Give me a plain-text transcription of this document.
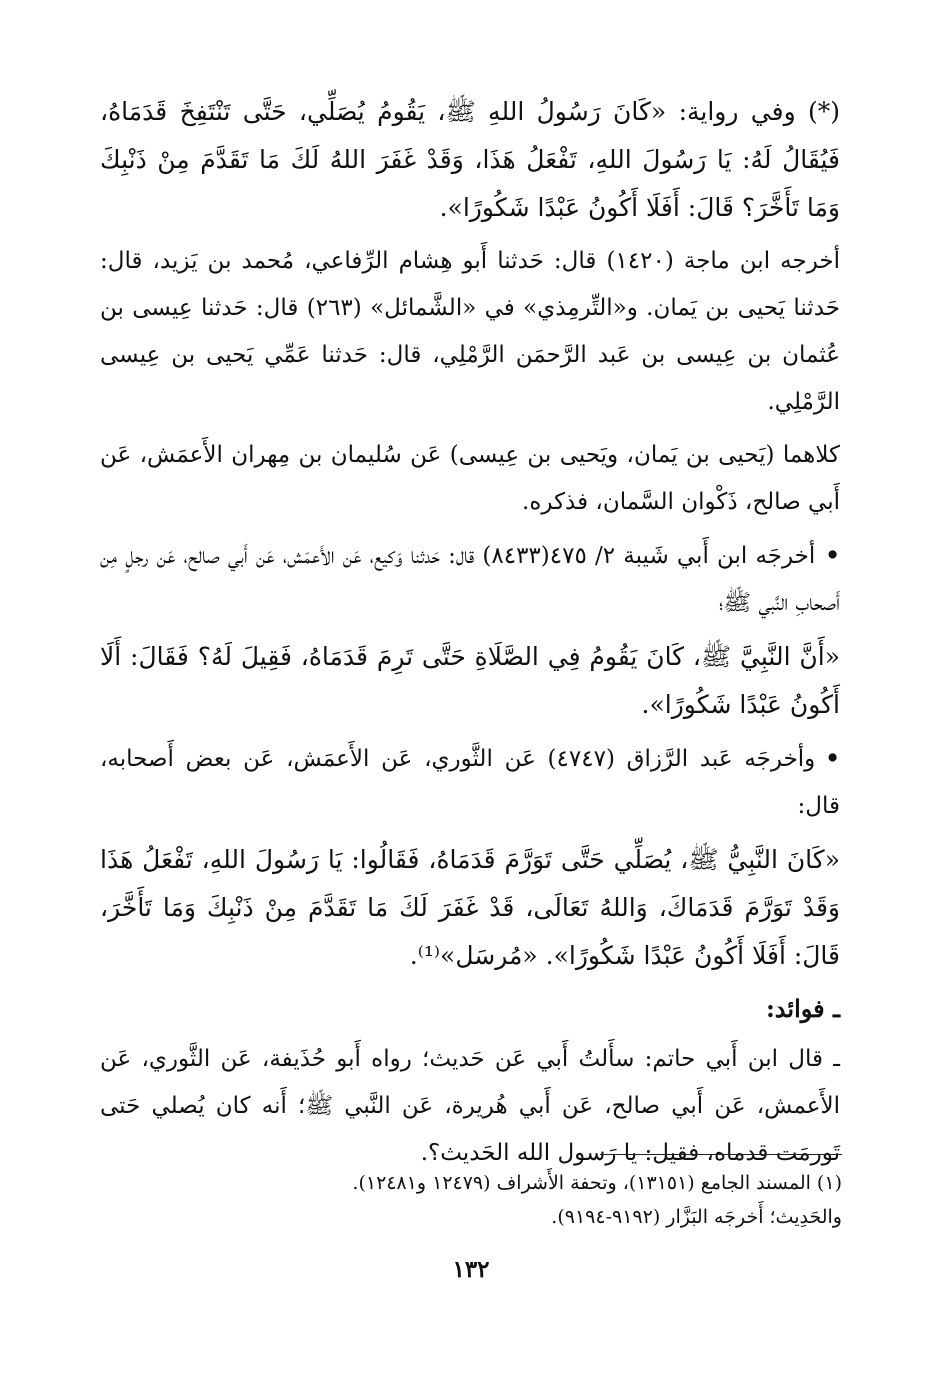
(*) وفي رواية: «كَانَ رَسُولُ اللهِ ﷺ، يَقُومُ يُصَلِّي، حَتَّى تَنْتَفِخَ قَدَمَاهُ، فَيُقَالُ لَهُ: يَا رَسُولَ اللهِ، تَفْعَلُ هَذَا، وَقَدْ غَفَرَ اللهُ لَكَ مَا تَقَدَّمَ مِنْ ذَنْبِكَ وَمَا تَأَخَّرَ؟ قَالَ: أَفَلَا أَكُونُ عَبْدًا شَكُورًا».

أخرجه ابن ماجة (١٤٢٠) قال: حَدثنا أَبو هِشام الرِّفاعي، مُحمد بن يَزيد، قال: حَدثنا يَحيى بن يَمان. و«التِّرمِذي» في «الشَّمائل» (٢٦٣) قال: حَدثنا عِيسى بن عُثمان بن عِيسى بن عَبد الرَّحمَن الرَّمْلِي، قال: حَدثنا عَمِّي يَحيى بن عِيسى الرَّمْلِي.

كلاهما (يَحيى بن يَمان، ويَحيى بن عِيسى) عَن سُليمان بن مِهران الأَعمَش، عَن أَبي صالح، ذَكْوان السَّمان، فذكره.

• أخرجَه ابن أَبي شَيبة ٢/ ٤٧٥(٨٤٣٣) قال: حَدثنا وَكيع، عَن الأَعمَش، عَن أَبي صالح، عَن رجلٍ مِن أَصحابِ النَّبي ﷺ؛

«أَنَّ النَّبِيَّ ﷺ، كَانَ يَقُومُ فِي الصَّلَاةِ حَتَّى تَرِمَ قَدَمَاهُ، فَقِيلَ لَهُ؟ فَقَالَ: أَلَا أَكُونُ عَبْدًا شَكُورًا».

• وأخرجَه عَبد الرَّزاق (٤٧٤٧) عَن الثَّوري، عَن الأَعمَش، عَن بعض أَصحابه، قال:

«كَانَ النَّبِيُّ ﷺ، يُصَلِّي حَتَّى تَوَرَّمَ قَدَمَاهُ، فَقَالُوا: يَا رَسُولَ اللهِ، تَفْعَلُ هَذَا وَقَدْ تَوَرَّمَ قَدَمَاكَ، وَاللهُ تَعَالَى، قَدْ غَفَرَ لَكَ مَا تَقَدَّمَ مِنْ ذَنْبِكَ وَمَا تَأَخَّرَ، قَالَ: أَفَلَا أَكُونُ عَبْدًا شَكُورًا». «مُرسَل»⁽¹⁾.

ـ فوائد:

ـ قال ابن أَبي حاتم: سأَلتُ أَبي عَن حَديث؛ رواه أَبو حُذَيفة، عَن الثَّوري، عَن الأَعمش، عَن أَبي صالح، عَن أَبي هُريرة، عَن النَّبي ﷺ؛ أَنه كان يُصلي حَتى تَورمَت قدماه، فقيل: يا رَسول الله الحَديث؟.

(١) المسند الجامع (١٣١٥١)، وتحفة الأَشراف (١٢٤٧٩ و١٢٤٨١).

والحَدِيث؛ أَخرجَه البَزَّار (٩١٩٢-٩١٩٤).

١٣٢
